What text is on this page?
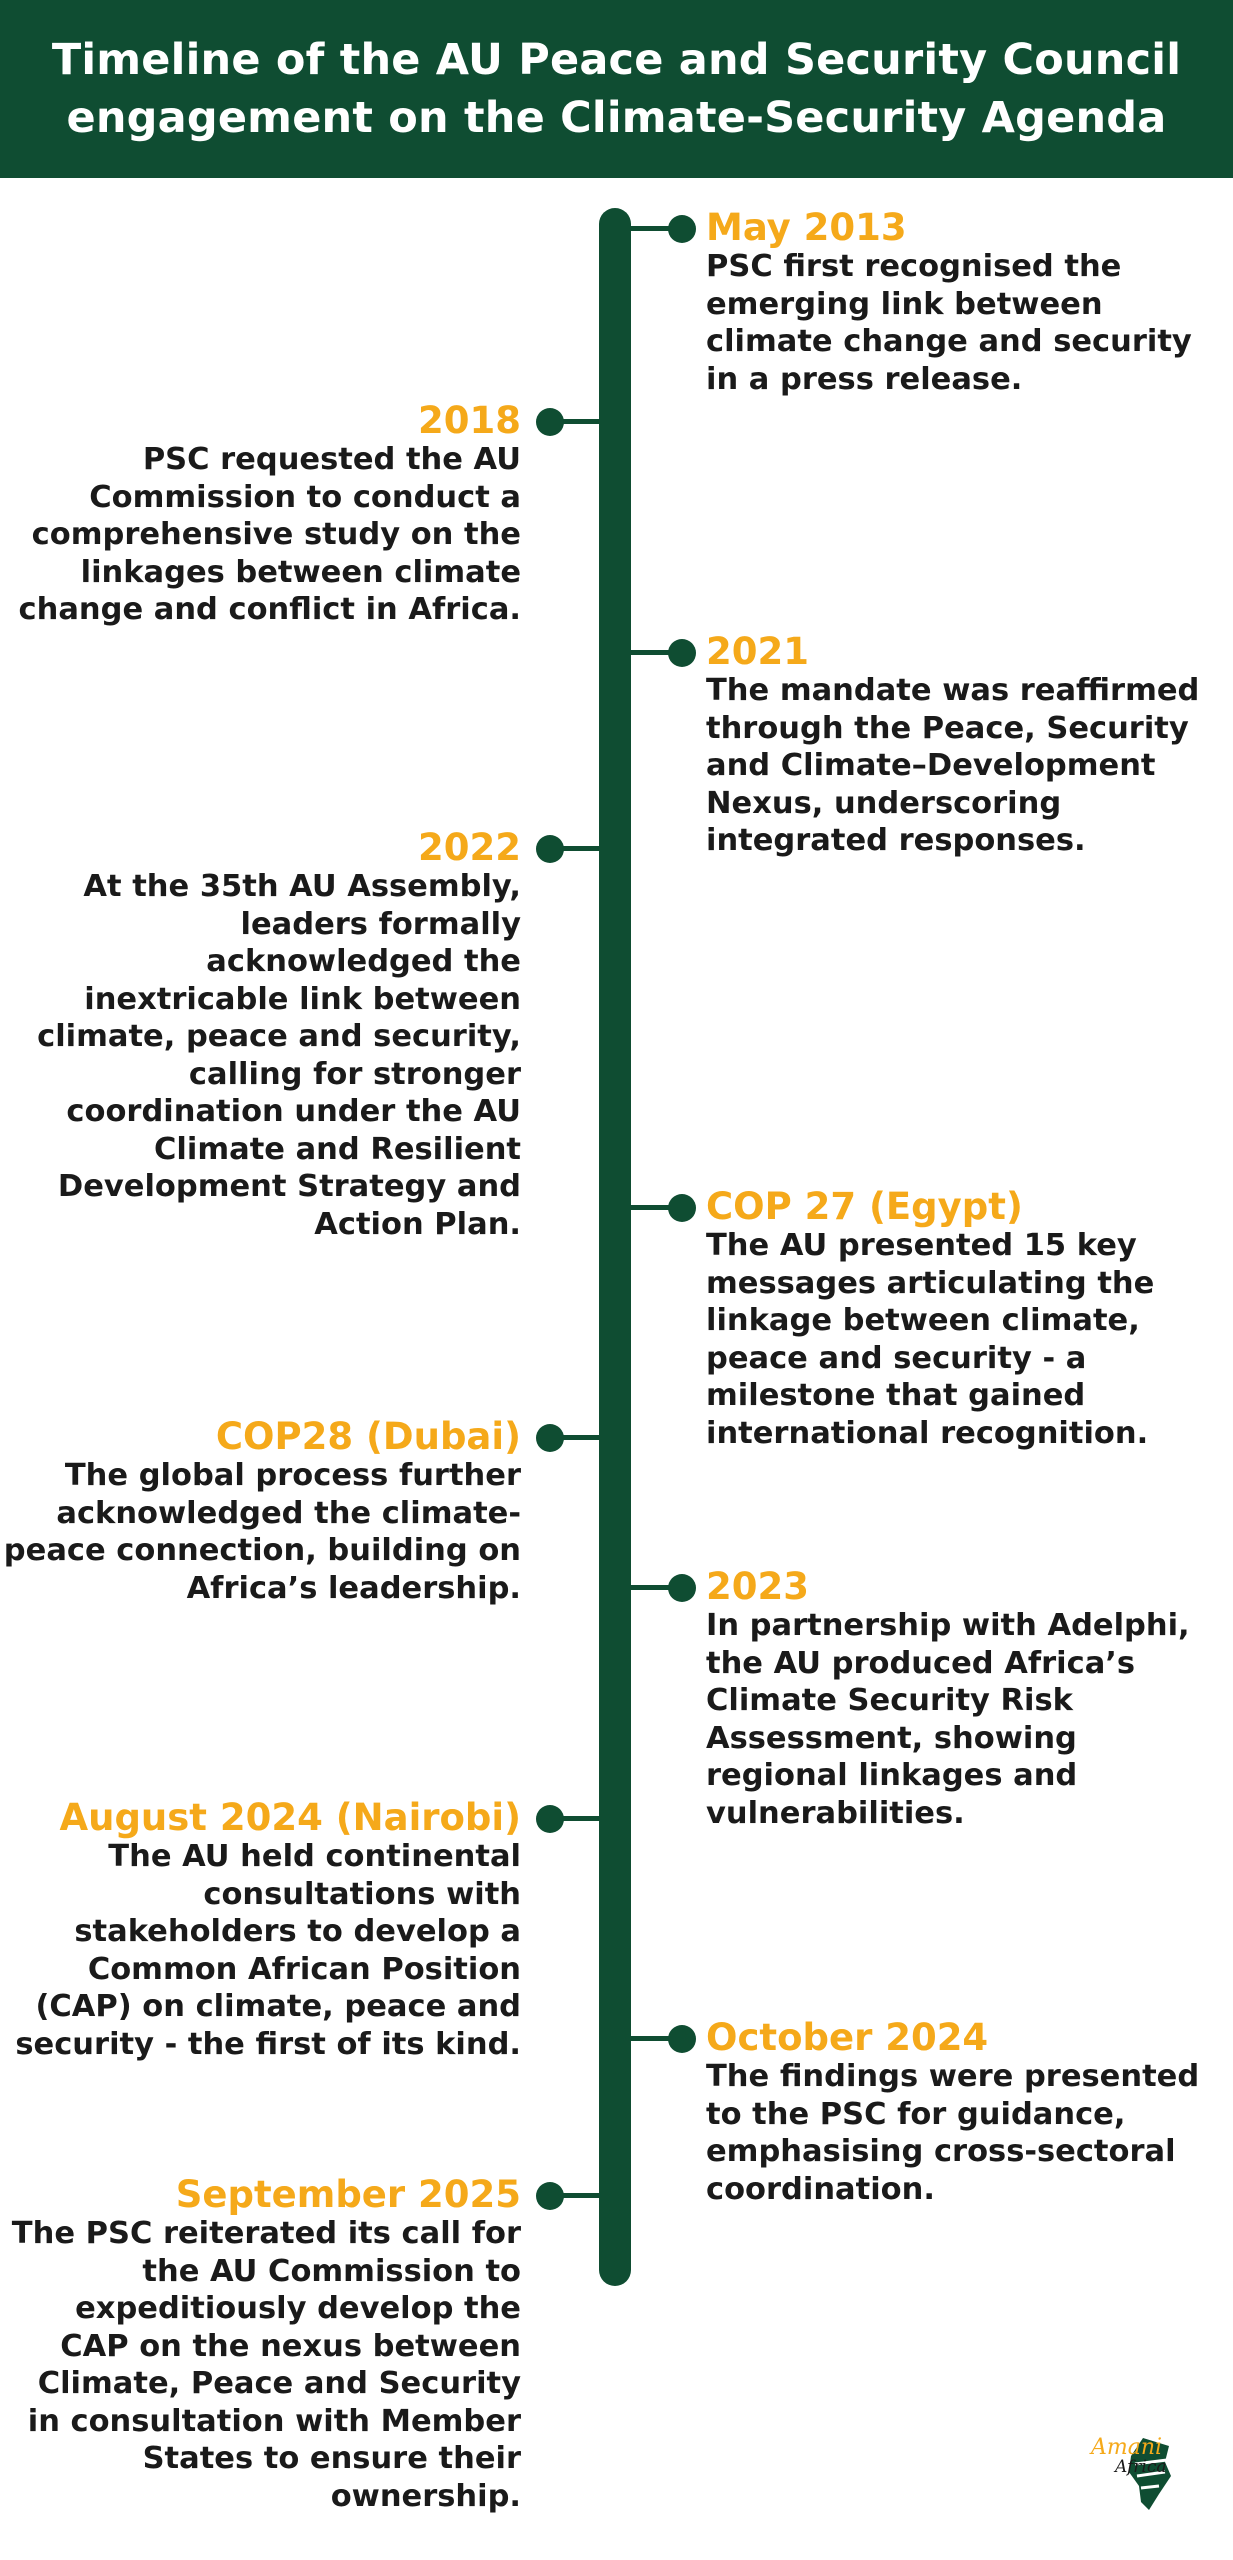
Timeline of the AU Peace and Security Council
engagement on the Climate-Security Agenda
May 2013
PSC first recognised the emerging link between climate change and security in a press release.
2018
PSC requested the AU Commission to conduct a comprehensive study on the linkages between climate change and conflict in Africa.
2021
The mandate was reaffirmed through the Peace, Security and Climate–Development Nexus, underscoring integrated responses.
2022
At the 35th AU Assembly, leaders formally acknowledged the inextricable link between climate, peace and security, calling for stronger coordination under the AU Climate and Resilient Development Strategy and Action Plan.	COP 27 (Egypt)
The AU presented 15 key messages articulating the linkage between climate, peace and security - a milestone that gained international recognition.
COP28 (Dubai)
The global process further acknowledged the climate-peace connection, building on Africa’s leadership.	2023
In partnership with Adelphi, the AU produced Africa’s Climate Security Risk Assessment, showing regional linkages and vulnerabilities.
August 2024 (Nairobi)
The AU held continental consultations with stakeholders to develop a Common African Position (CAP) on climate, peace and security - the first of its kind.	October 2024
The findings were presented to the PSC for guidance, emphasising cross-sectoral coordination.
September 2025
The PSC reiterated its call for the AU Commission to expeditiously develop the CAP on the nexus between Climate, Peace and Security in consultation with Member States to ensure their ownership.
Amani
Africa
